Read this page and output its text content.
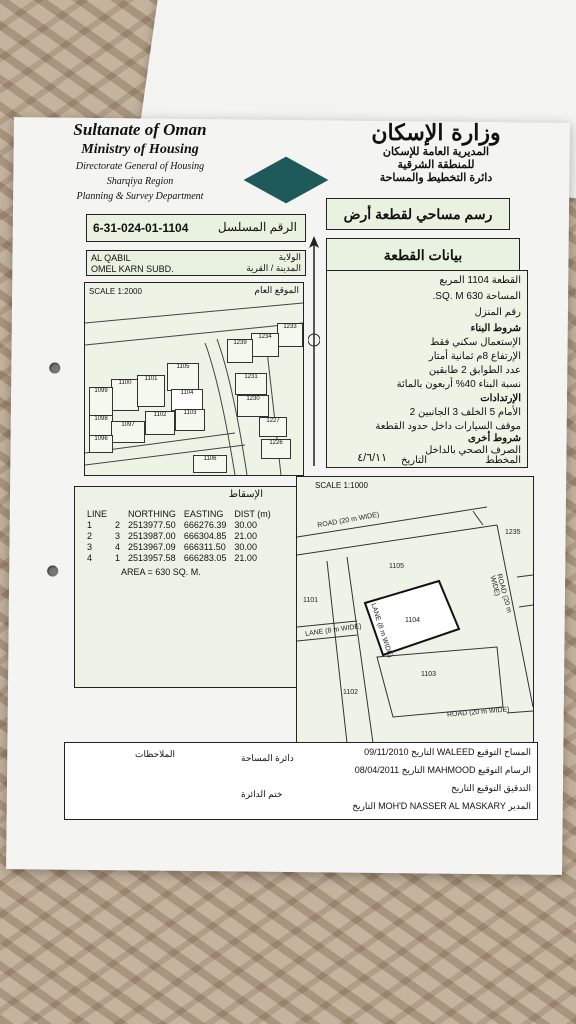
Sultanate of Oman
Ministry of Housing
Directorate General of Housing
Sharqiya Region
Planning & Survey Department
وزارة الإسكان
المديرية العامة للإسكان
للمنطقة الشرقية
دائرة التخطيط والمساحة
6-31-024-01-1104 الرقم المسلسل
رسم مساحي لقطعة أرض
بيانات القطعة
AL QABIL
OMEL KARN SUBD.
الولاية
المدينة / القرية
SCALE 1:2000	الموقع العام
1100
1101
1105
1104
1103
1099
1102
1098
1097
1096
1106
1233
1234
1239
1231
1230
1227
1226
القطعة 1104 المربع
المساحة 630 SQ. M.
رقم المنزل
شروط البناء
الإستعمال سكني فقط
الإرتفاع 8م ثمانية أمتار
عدد الطوابق 2 طابقين
نسبة البناء 40% أربعون بالمائة
الإرتدادات
الأمام 5 الخلف 3 الجانبين 2
موقف السيارات داخل حدود القطعة
شروط أخرى
الصرف الصحي بالداخل
المخطط
التاريخ
٤/٦/١١
الإسقاط
LINE		NORTHING	EASTING	DIST (m)
1	2	2513977.50	666276.39	30.00
2	3	2513987.00	666304.85	21.00
3	4	2513967.09	666311.50	30.00
4	1	2513957.58	666283.05	21.00
AREA = 630 SQ. M.
SCALE 1:1000
ROAD (20 m WIDE)
ROAD (20 m WIDE)
ROAD (20 m WIDE)
LANE (8 m WIDE)
LANE (8 m WIDE)
1235
1105
1101
1104
1103
1102
الملاحظات	دائرة المساحة
ختم الدائرة
المساح التوقيع WALEED التاريخ 09/11/2010
الرسام التوقيع MAHMOOD التاريخ 08/04/2011
التدقيق التوقيع التاريخ
المدير MOH'D NASSER AL MASKARY التاريخ
